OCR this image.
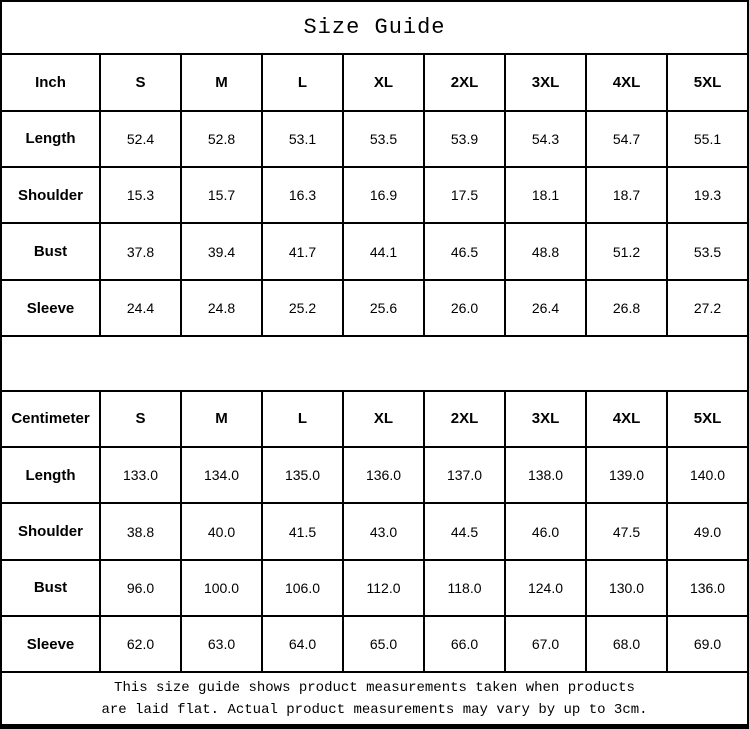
Size Guide								
Inch	S	M	L	XL	2XL	3XL	4XL	5XL
Length	52.4	52.8	53.1	53.5	53.9	54.3	54.7	55.1
Shoulder	15.3	15.7	16.3	16.9	17.5	18.1	18.7	19.3
Bust	37.8	39.4	41.7	44.1	46.5	48.8	51.2	53.5
Sleeve	24.4	24.8	25.2	25.6	26.0	26.4	26.8	27.2

Centimeter	S	M	L	XL	2XL	3XL	4XL	5XL
Length	133.0	134.0	135.0	136.0	137.0	138.0	139.0	140.0
Shoulder	38.8	40.0	41.5	43.0	44.5	46.0	47.5	49.0
Bust	96.0	100.0	106.0	112.0	118.0	124.0	130.0	136.0
Sleeve	62.0	63.0	64.0	65.0	66.0	67.0	68.0	69.0

This size guide shows product measurements taken when products
are laid flat. Actual product measurements may vary by up to 3cm.								
